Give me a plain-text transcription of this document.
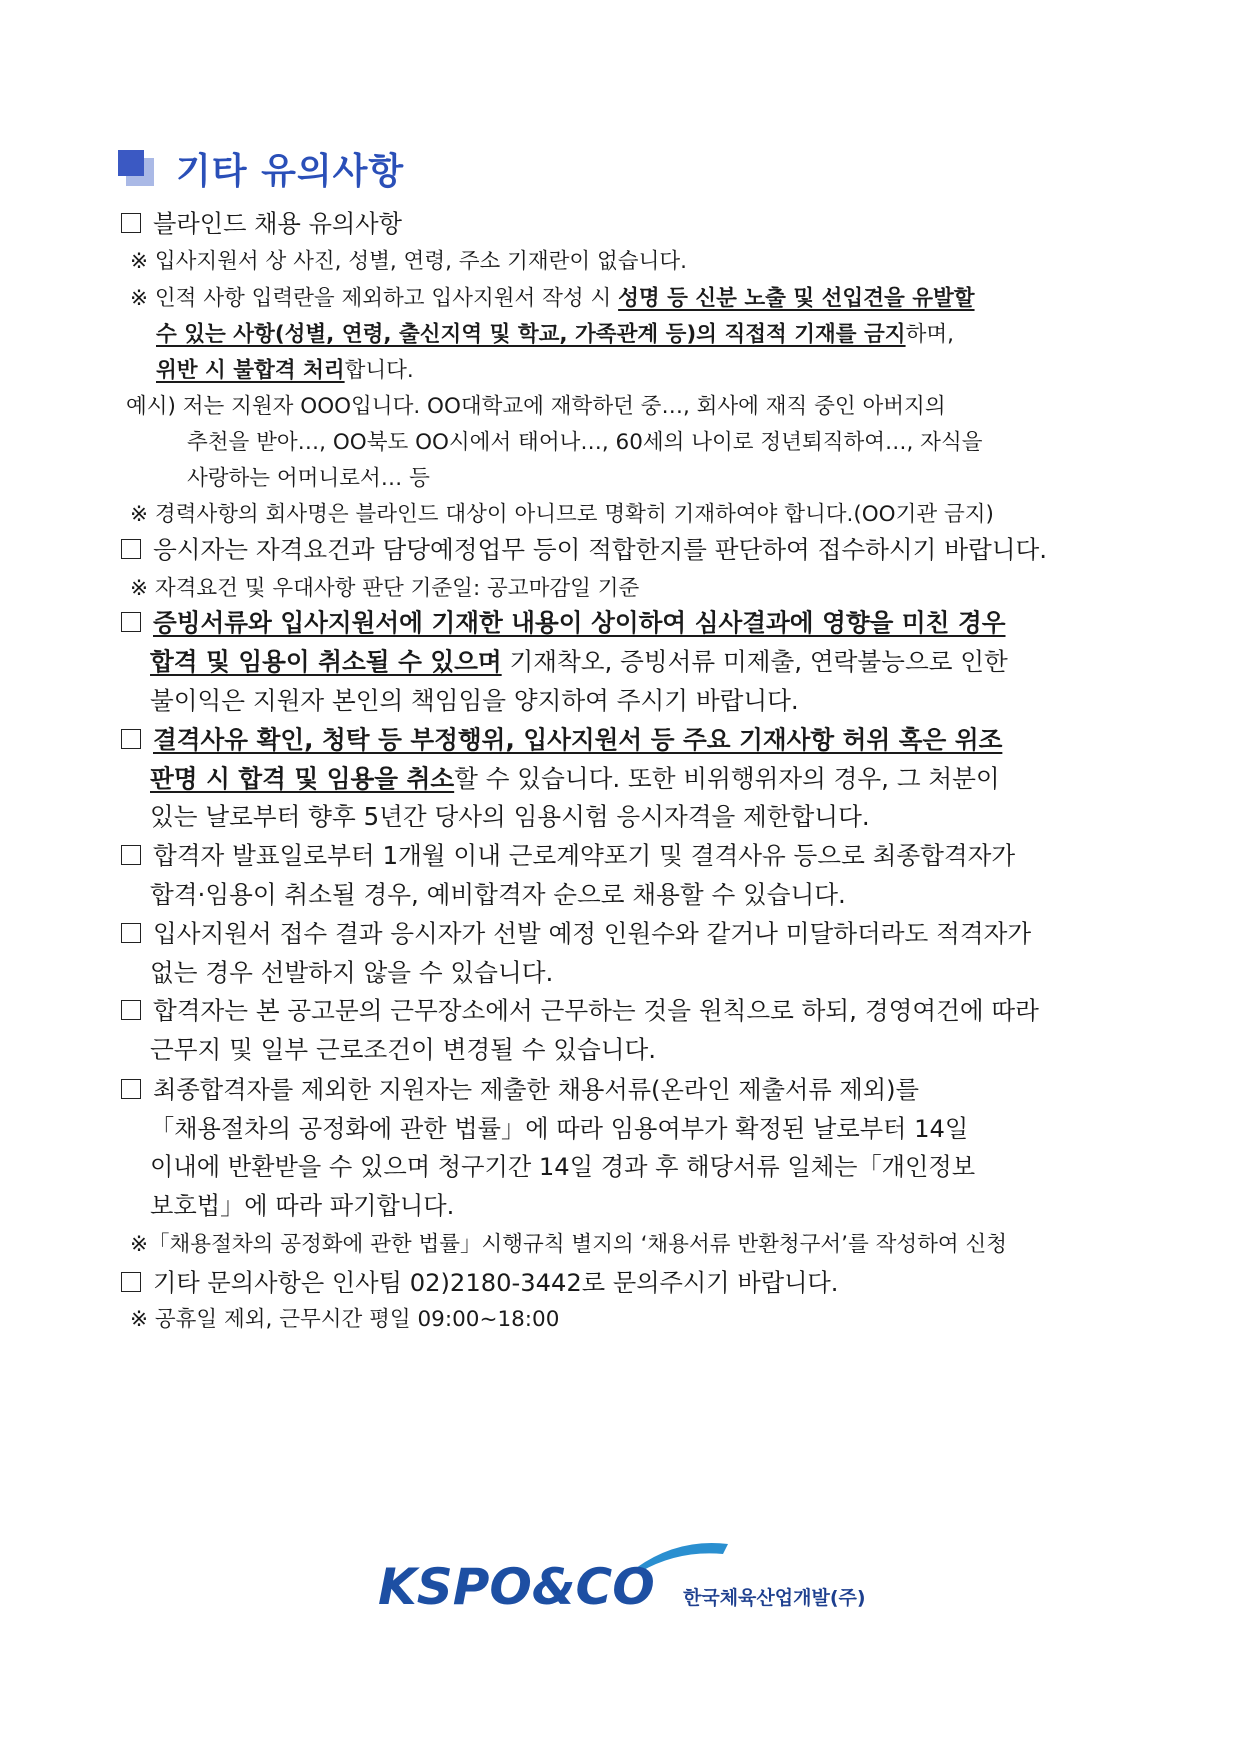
기타 유의사항
블라인드 채용 유의사항
※ 입사지원서 상 사진, 성별, 연령, 주소 기재란이 없습니다.
※ 인적 사항 입력란을 제외하고 입사지원서 작성 시 성명 등 신분 노출 및 선입견을 유발할
수 있는 사항(성별, 연령, 출신지역 및 학교, 가족관계 등)의 직접적 기재를 금지하며,
위반 시 불합격 처리합니다.
예시) 저는 지원자 OOO입니다. OO대학교에 재학하던 중…, 회사에 재직 중인 아버지의
추천을 받아…, OO북도 OO시에서 태어나…, 60세의 나이로 정년퇴직하여…, 자식을
사랑하는 어머니로서… 등
※ 경력사항의 회사명은 블라인드 대상이 아니므로 명확히 기재하여야 합니다.(OO기관 금지)
응시자는 자격요건과 담당예정업무 등이 적합한지를 판단하여 접수하시기 바랍니다.
※ 자격요건 및 우대사항 판단 기준일: 공고마감일 기준
증빙서류와 입사지원서에 기재한 내용이 상이하여 심사결과에 영향을 미친 경우
합격 및 임용이 취소될 수 있으며 기재착오, 증빙서류 미제출, 연락불능으로 인한
불이익은 지원자 본인의 책임임을 양지하여 주시기 바랍니다.
결격사유 확인, 청탁 등 부정행위, 입사지원서 등 주요 기재사항 허위 혹은 위조
판명 시 합격 및 임용을 취소할 수 있습니다. 또한 비위행위자의 경우, 그 처분이
있는 날로부터 향후 5년간 당사의 임용시험 응시자격을 제한합니다.
합격자 발표일로부터 1개월 이내 근로계약포기 및 결격사유 등으로 최종합격자가
합격·임용이 취소될 경우, 예비합격자 순으로 채용할 수 있습니다.
입사지원서 접수 결과 응시자가 선발 예정 인원수와 같거나 미달하더라도 적격자가
없는 경우 선발하지 않을 수 있습니다.
합격자는 본 공고문의 근무장소에서 근무하는 것을 원칙으로 하되, 경영여건에 따라
근무지 및 일부 근로조건이 변경될 수 있습니다.
최종합격자를 제외한 지원자는 제출한 채용서류(온라인 제출서류 제외)를
「채용절차의 공정화에 관한 법률」에 따라 임용여부가 확정된 날로부터 14일
이내에 반환받을 수 있으며 청구기간 14일 경과 후 해당서류 일체는「개인정보
보호법」에 따라 파기합니다.
※「채용절차의 공정화에 관한 법률」시행규칙 별지의 ‘채용서류 반환청구서’를 작성하여 신청
기타 문의사항은 인사팀 02)2180-3442로 문의주시기 바랍니다.
※ 공휴일 제외, 근무시간 평일 09:00~18:00
KSPO&CO 한국체육산업개발(주)
